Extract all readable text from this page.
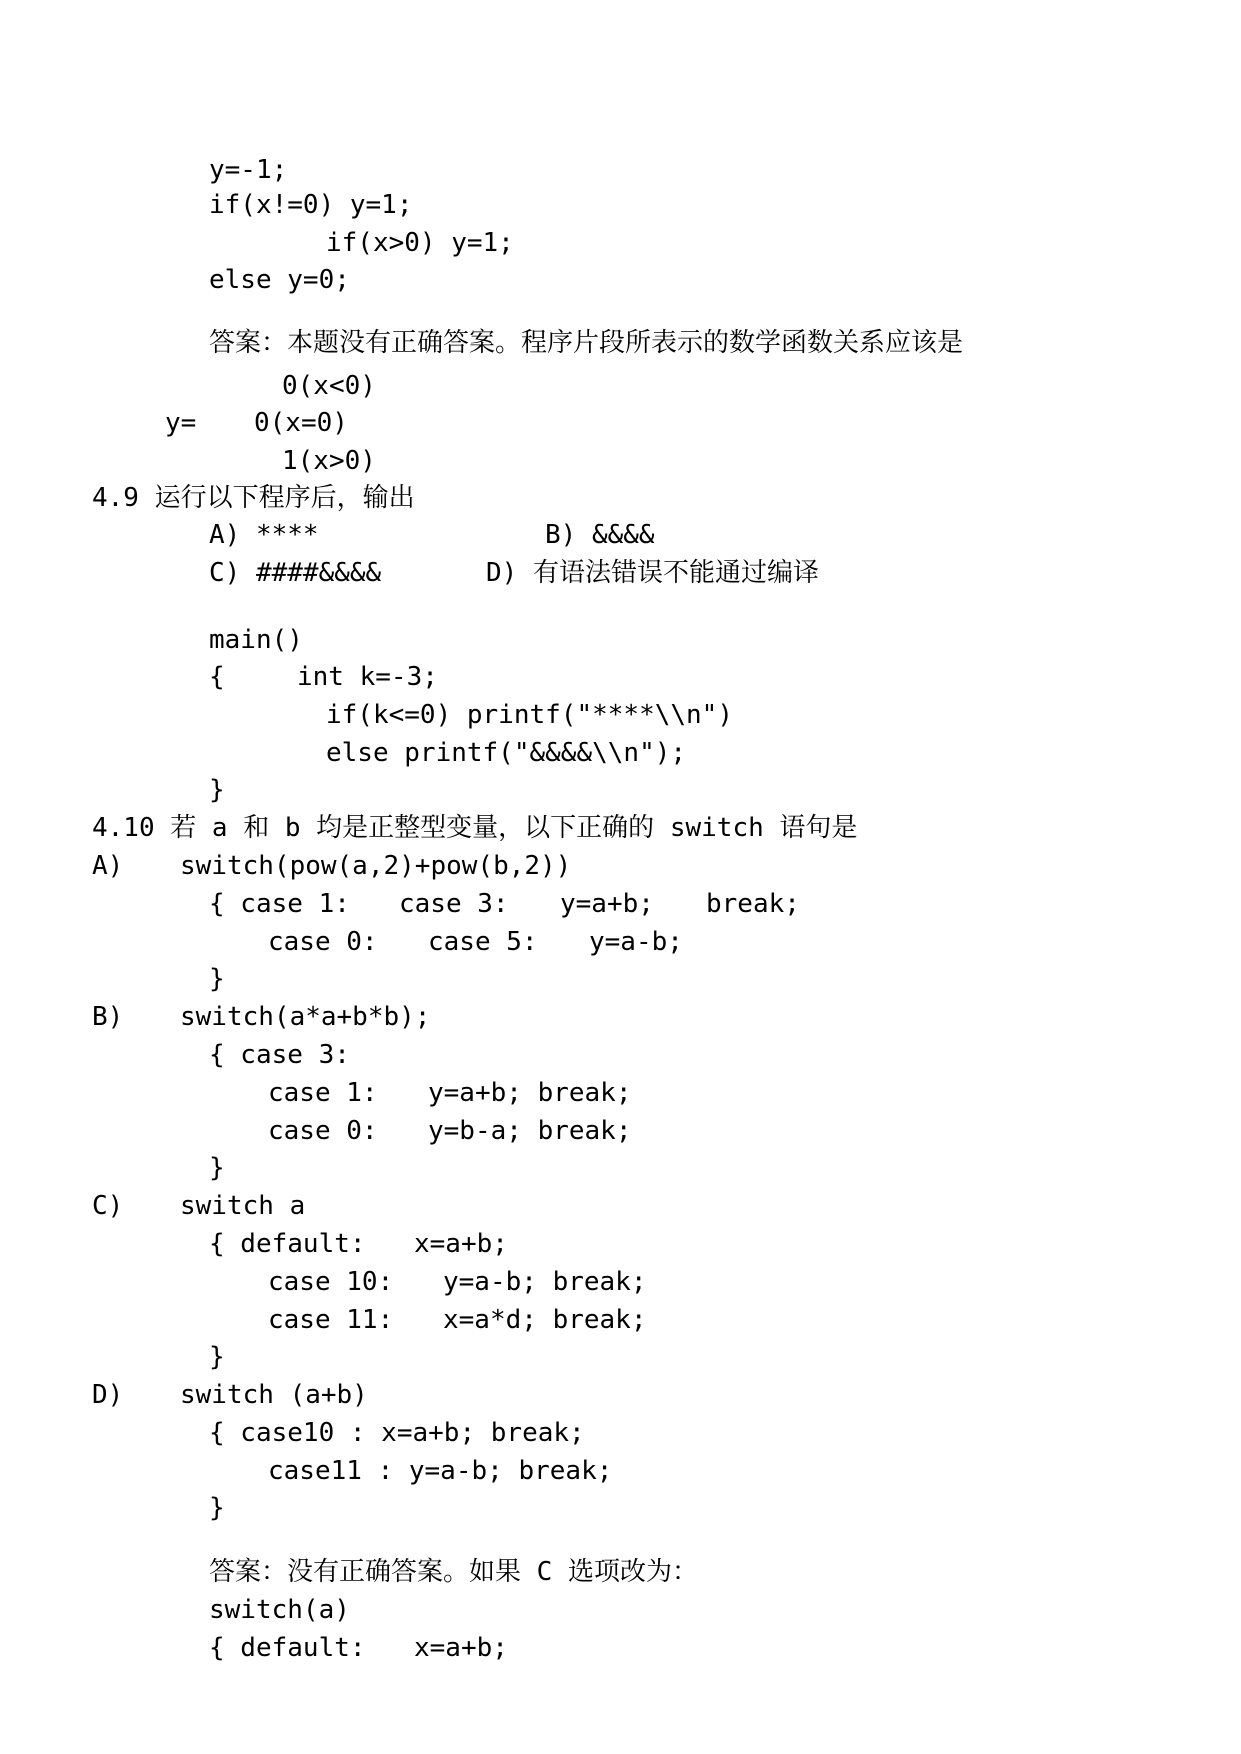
y=-1;
if(x!=0) y=1;
if(x>0) y=1;
else y=0;
答案：本题没有正确答案。程序片段所表示的数学函数关系应该是
0(x<0)
y= 0(x=0)
1(x>0)
4.9 运行以下程序后，输出
A) ****	B) &&&&
C) ####&&&&	D) 有语法错误不能通过编译
main()
{	int k=-3;
if(k<=0) printf("****\\n")
else printf("&&&&\\n");
}
4.10 若 a 和 b 均是正整型变量，以下正确的 switch 语句是
A) switch(pow(a,2)+pow(b,2))
{ case 1: case 3: y=a+b; break;
case 0: case 5: y=a-b;
}
B) switch(a*a+b*b);
{ case 3:
case 1: y=a+b; break;
case 0: y=b-a; break;
}
C) switch a
{ default: x=a+b;
case 10: y=a-b; break;
case 11: x=a*d; break;
}
D) switch (a+b)
{ case10 : x=a+b; break;
case11 : y=a-b; break;
}
答案：没有正确答案。如果 C 选项改为：
switch(a)
{ default: x=a+b;
